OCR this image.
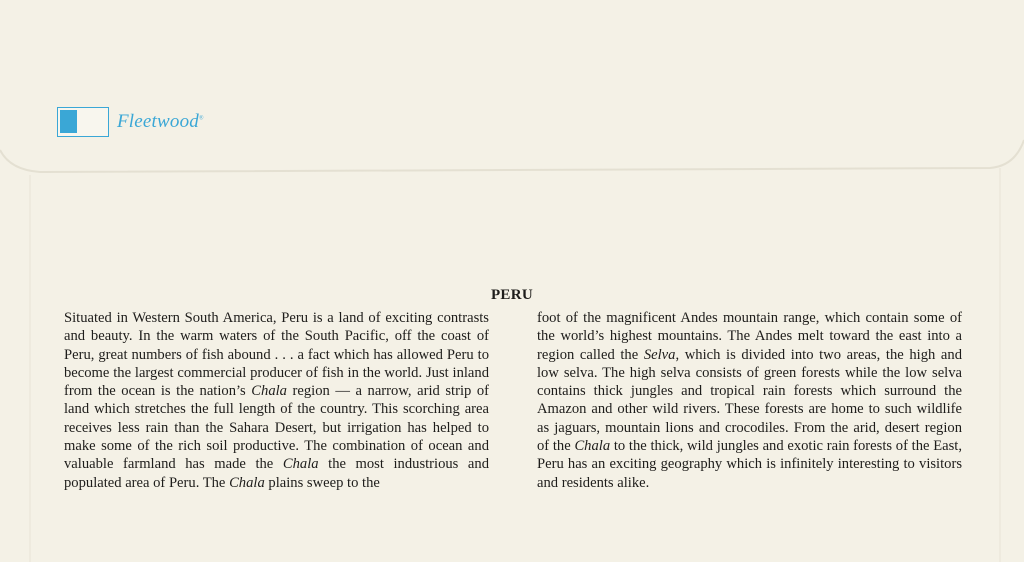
Fleetwood®
PERU

Situated in Western South America, Peru is a land of exciting contrasts and beauty. In the warm waters of the South Pacific, off the coast of Peru, great numbers of fish abound . . . a fact which has allowed Peru to become the largest commercial producer of fish in the world. Just inland from the ocean is the nation’s Chala region — a narrow, arid strip of land which stretches the full length of the country. This scorching area receives less rain than the Sahara Desert, but irrigation has helped to make some of the rich soil productive. The combination of ocean and valuable farmland has made the Chala the most industrious and populated area of Peru. The Chala plains sweep to the

foot of the magnificent Andes mountain range, which contain some of the world’s highest mountains. The Andes melt toward the east into a region called the Selva, which is divided into two areas, the high and low selva. The high selva consists of green forests while the low selva contains thick jungles and tropical rain forests which surround the Amazon and other wild rivers. These forests are home to such wildlife as jaguars, mountain lions and crocodiles. From the arid, desert region of the Chala to the thick, wild jungles and exotic rain forests of the East, Peru has an exciting geography which is infinitely interesting to visitors and residents alike.
